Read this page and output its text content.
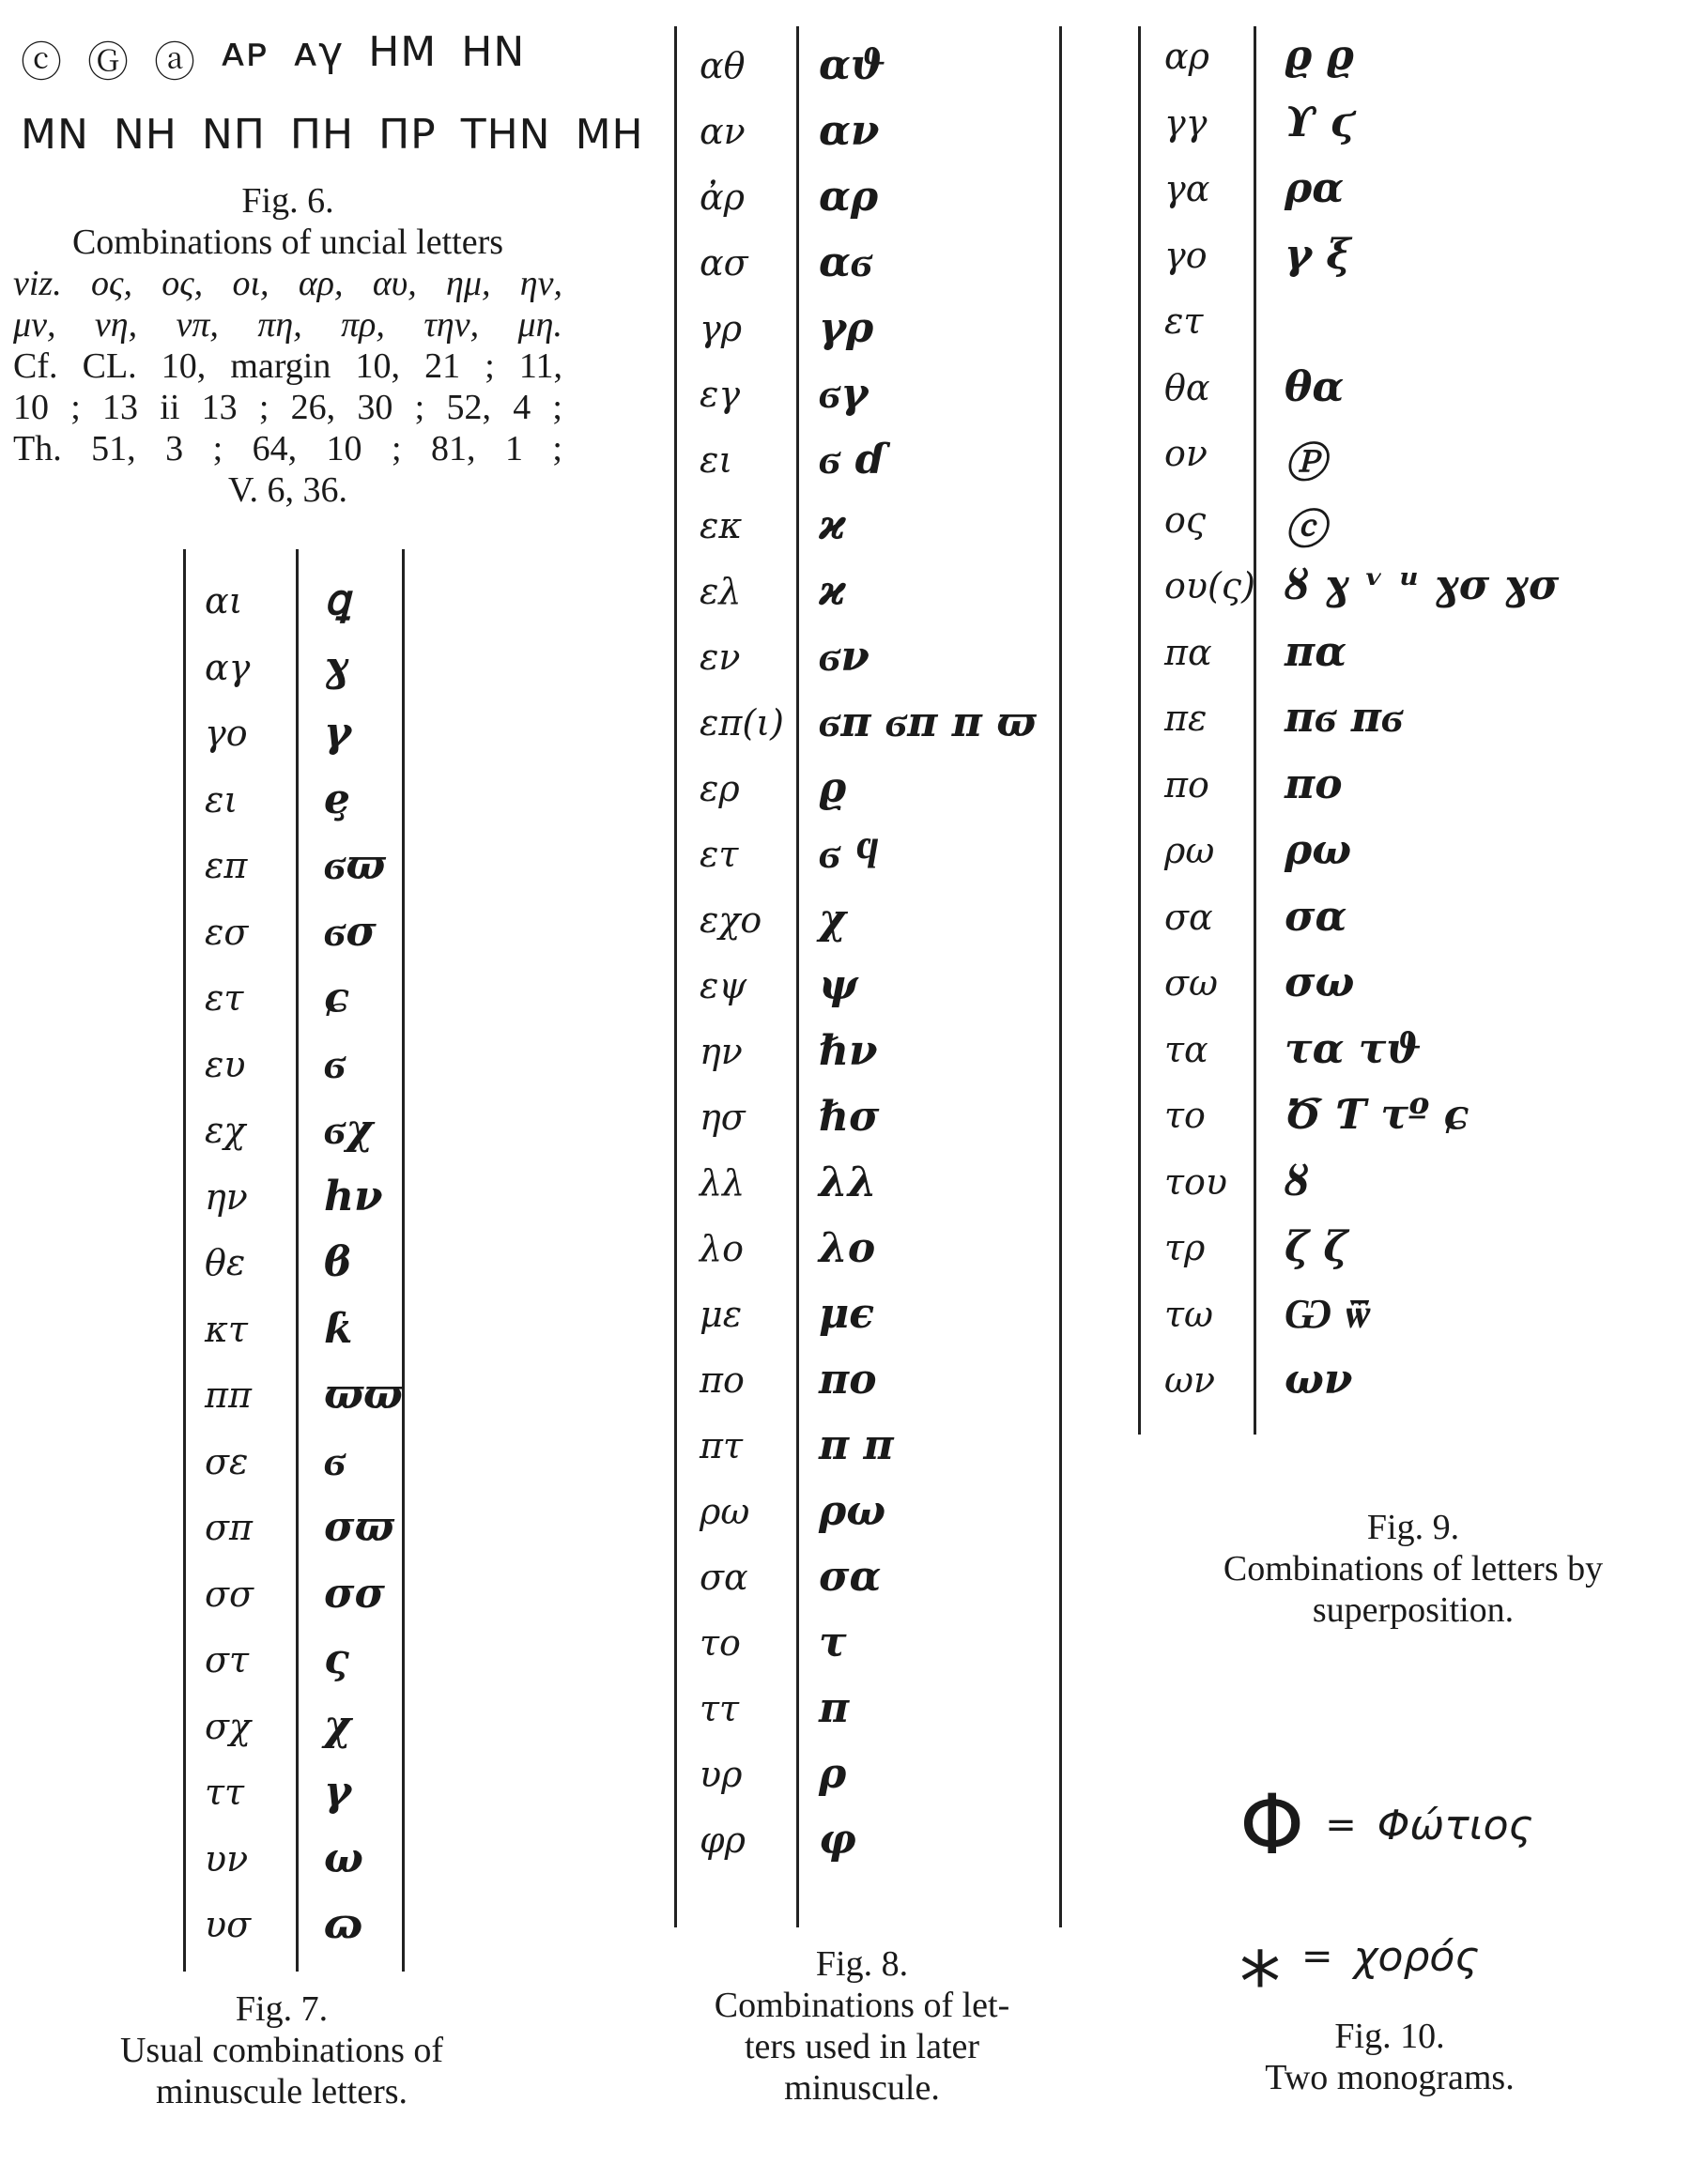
ⓒ Ⓖ ⓐ ᴀᴩ ᴀγ ΗΜ ΗΝ
ΜΝ ΝΗ ΝΠ ΠΗ ΠΡ ΤΗΝ ΜΗ
Fig. 6.
Combinations of uncial letters
viz. ος, ος, οι, αρ, αυ, ημ, ην,
μν, νη, νπ, πη, πρ, την, μη.
Cf. CL. 10, margin 10, 21 ; 11,
10 ; 13 ii 13 ; 26, 30 ; 52, 4 ;
Th. 51, 3 ; 64, 10 ; 81, 1 ;
V. 6, 36.
αι ꝗ
αγ ɣ
γο γ
ει ȩ
επ ϭϖ
εσ ϭσ
ετ ɕ
ευ ϭ
εχ ϭχ
ην hν
θε ϐ
κτ ƙ
ππ ϖϖ
σε ϭ
σπ σϖ
σσ σσ
στ ς
σχ χ
ττ γ
υν ω
υσ ɷ
αθ αϑ
αν αν
ἀρ αρ
ασ αϭ
γρ γρ
εγ ϭγ
ει ϭ ɗ
εκ ϰ
ελ ϰ
εν ϭν
επ(ι) ϭπ ϭπ π ϖ
ερ ϱ
ετ ϭ ϥ
εχο χ
εψ ψ
ην ℏν
ησ ℏσ
λλ λλ
λο λο
με μϵ
πο πο
πτ π π
ρω ρω
σα σα
το τ
ττ π
υρ ρ
φρ φ
αρ ϱ ϱ
γγ ϒ ϛ
γα ρα
γο γ ξ
ετ
θα θα
ον Ⓟ
ος ⓒ
ου(ς) ȣ ɣ ᵛ ᵘ ɣσ ɣσ
πα πα
πε πϭ πϭ
πο πο
ρω ρω
σα σα
σω σω
τα τα τϑ
το Ծ Ƭ τº ɕ
του ȣ
τρ ζ ζ
τω Ѡ ѿ
ων ων
Fig. 7.
Usual combinations of
minuscule letters.
Fig. 8.
Combinations of let-
ters used in later
minuscule.
Fig. 9.
Combinations of letters by
superposition.
Φ = Φώτιος
⁎ = χορός
Fig. 10.
Two monograms.
